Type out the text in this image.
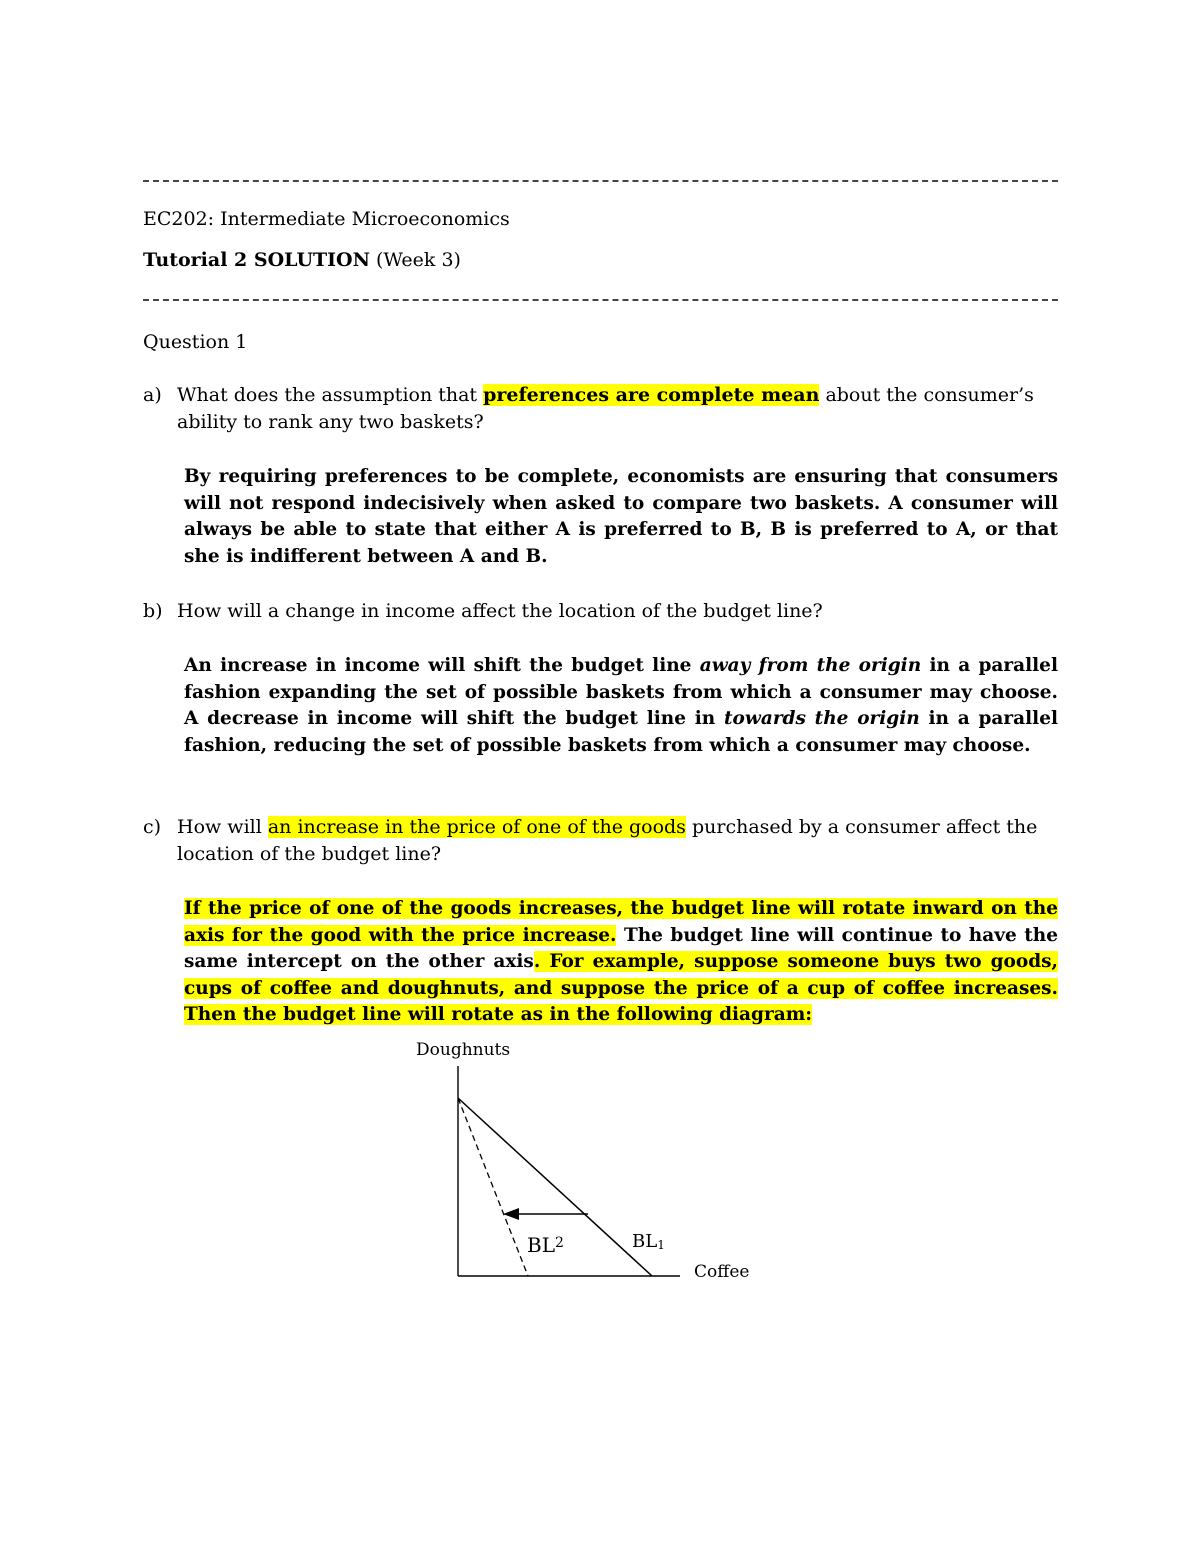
EC202: Intermediate Microeconomics
Tutorial 2 SOLUTION (Week 3)
Question 1
a) What does the assumption that preferences are complete mean about the consumer’s ability to rank any two baskets?
By requiring preferences to be complete, economists are ensuring that consumers will not respond indecisively when asked to compare two baskets. A consumer will always be able to state that either A is preferred to B, B is preferred to A, or that she is indifferent between A and B.
b) How will a change in income affect the location of the budget line?
An increase in income will shift the budget line away from the origin in a parallel fashion expanding the set of possible baskets from which a consumer may choose. A decrease in income will shift the budget line in towards the origin in a parallel fashion, reducing the set of possible baskets from which a consumer may choose.
c) How will an increase in the price of one of the goods purchased by a consumer affect the location of the budget line?
If the price of one of the goods increases, the budget line will rotate inward on the axis for the good with the price increase. The budget line will continue to have the same intercept on the other axis. For example, suppose someone buys two goods, cups of coffee and doughnuts, and suppose the price of a cup of coffee increases. Then the budget line will rotate as in the following diagram:
Doughnuts
Coffee
$BL^2$	BL1
